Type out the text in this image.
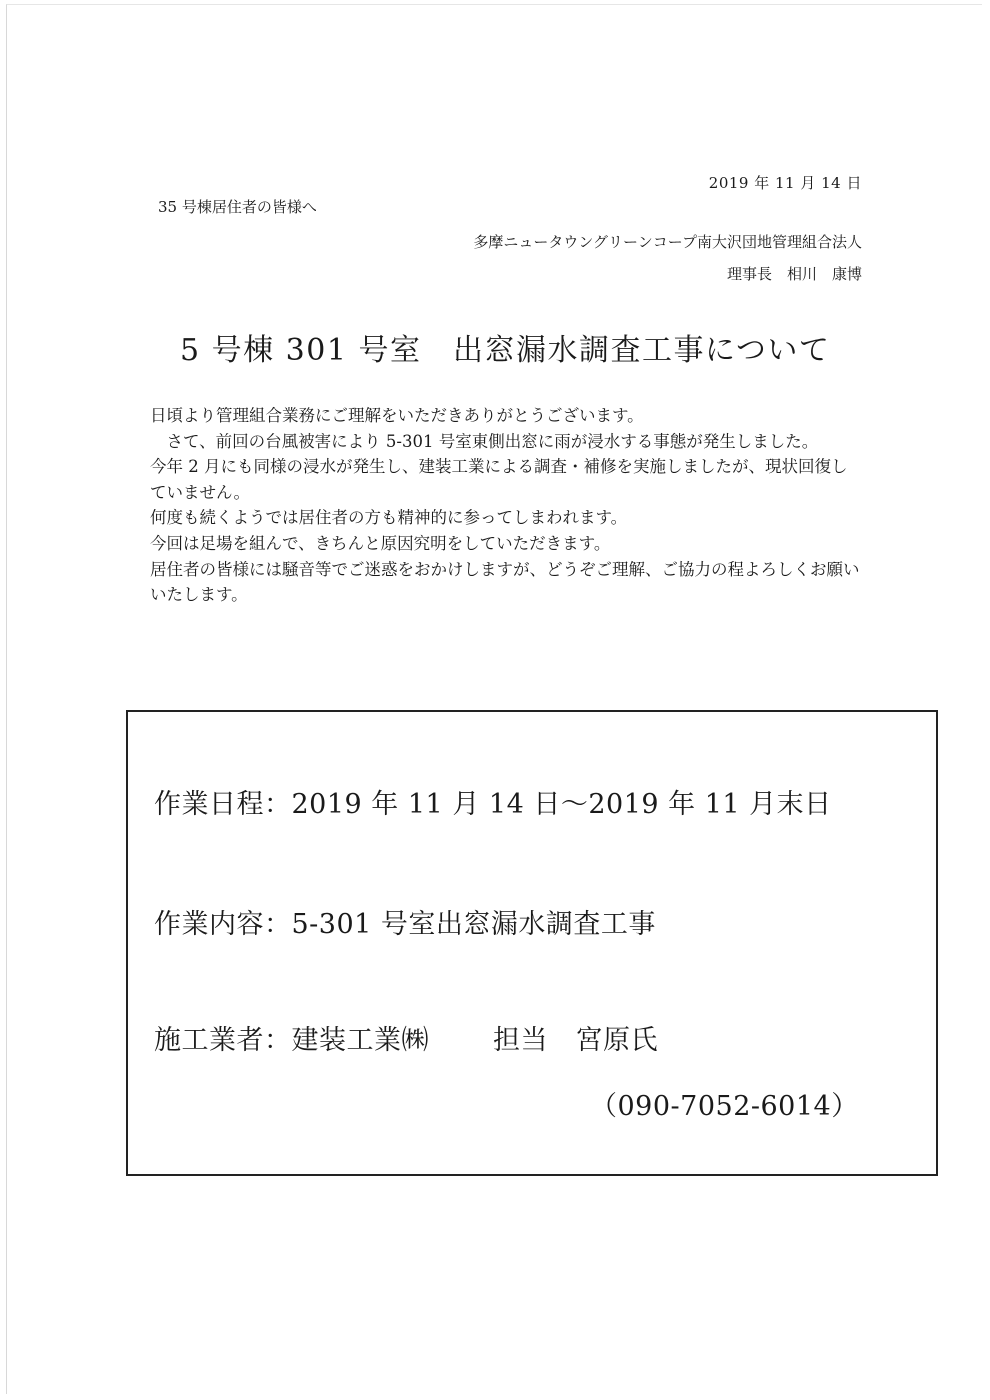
2019 年 11 月 14 日
35 号棟居住者の皆様へ
多摩ニュータウングリーンコープ南大沢団地管理組合法人
理事長　相川　康博
5 号棟 301 号室　出窓漏水調査工事について

日頃より管理組合業務にご理解をいただきありがとうございます。

　さて、前回の台風被害により 5-301 号室東側出窓に雨が浸水する事態が発生しました。

今年 2 月にも同様の浸水が発生し、建装工業による調査・補修を実施しましたが、現状回復していません。

何度も続くようでは居住者の方も精神的に参ってしまわれます。

今回は足場を組んで、きちんと原因究明をしていただきます。

居住者の皆様には騒音等でご迷惑をおかけしますが、どうぞご理解、ご協力の程よろしくお願いいたします。

作業日程：2019 年 11 月 14 日～2019 年 11 月末日
作業内容：5-301 号室出窓漏水調査工事
施工業者：建装工業㈱ 担当　宮原氏
（090-7052-6014）
